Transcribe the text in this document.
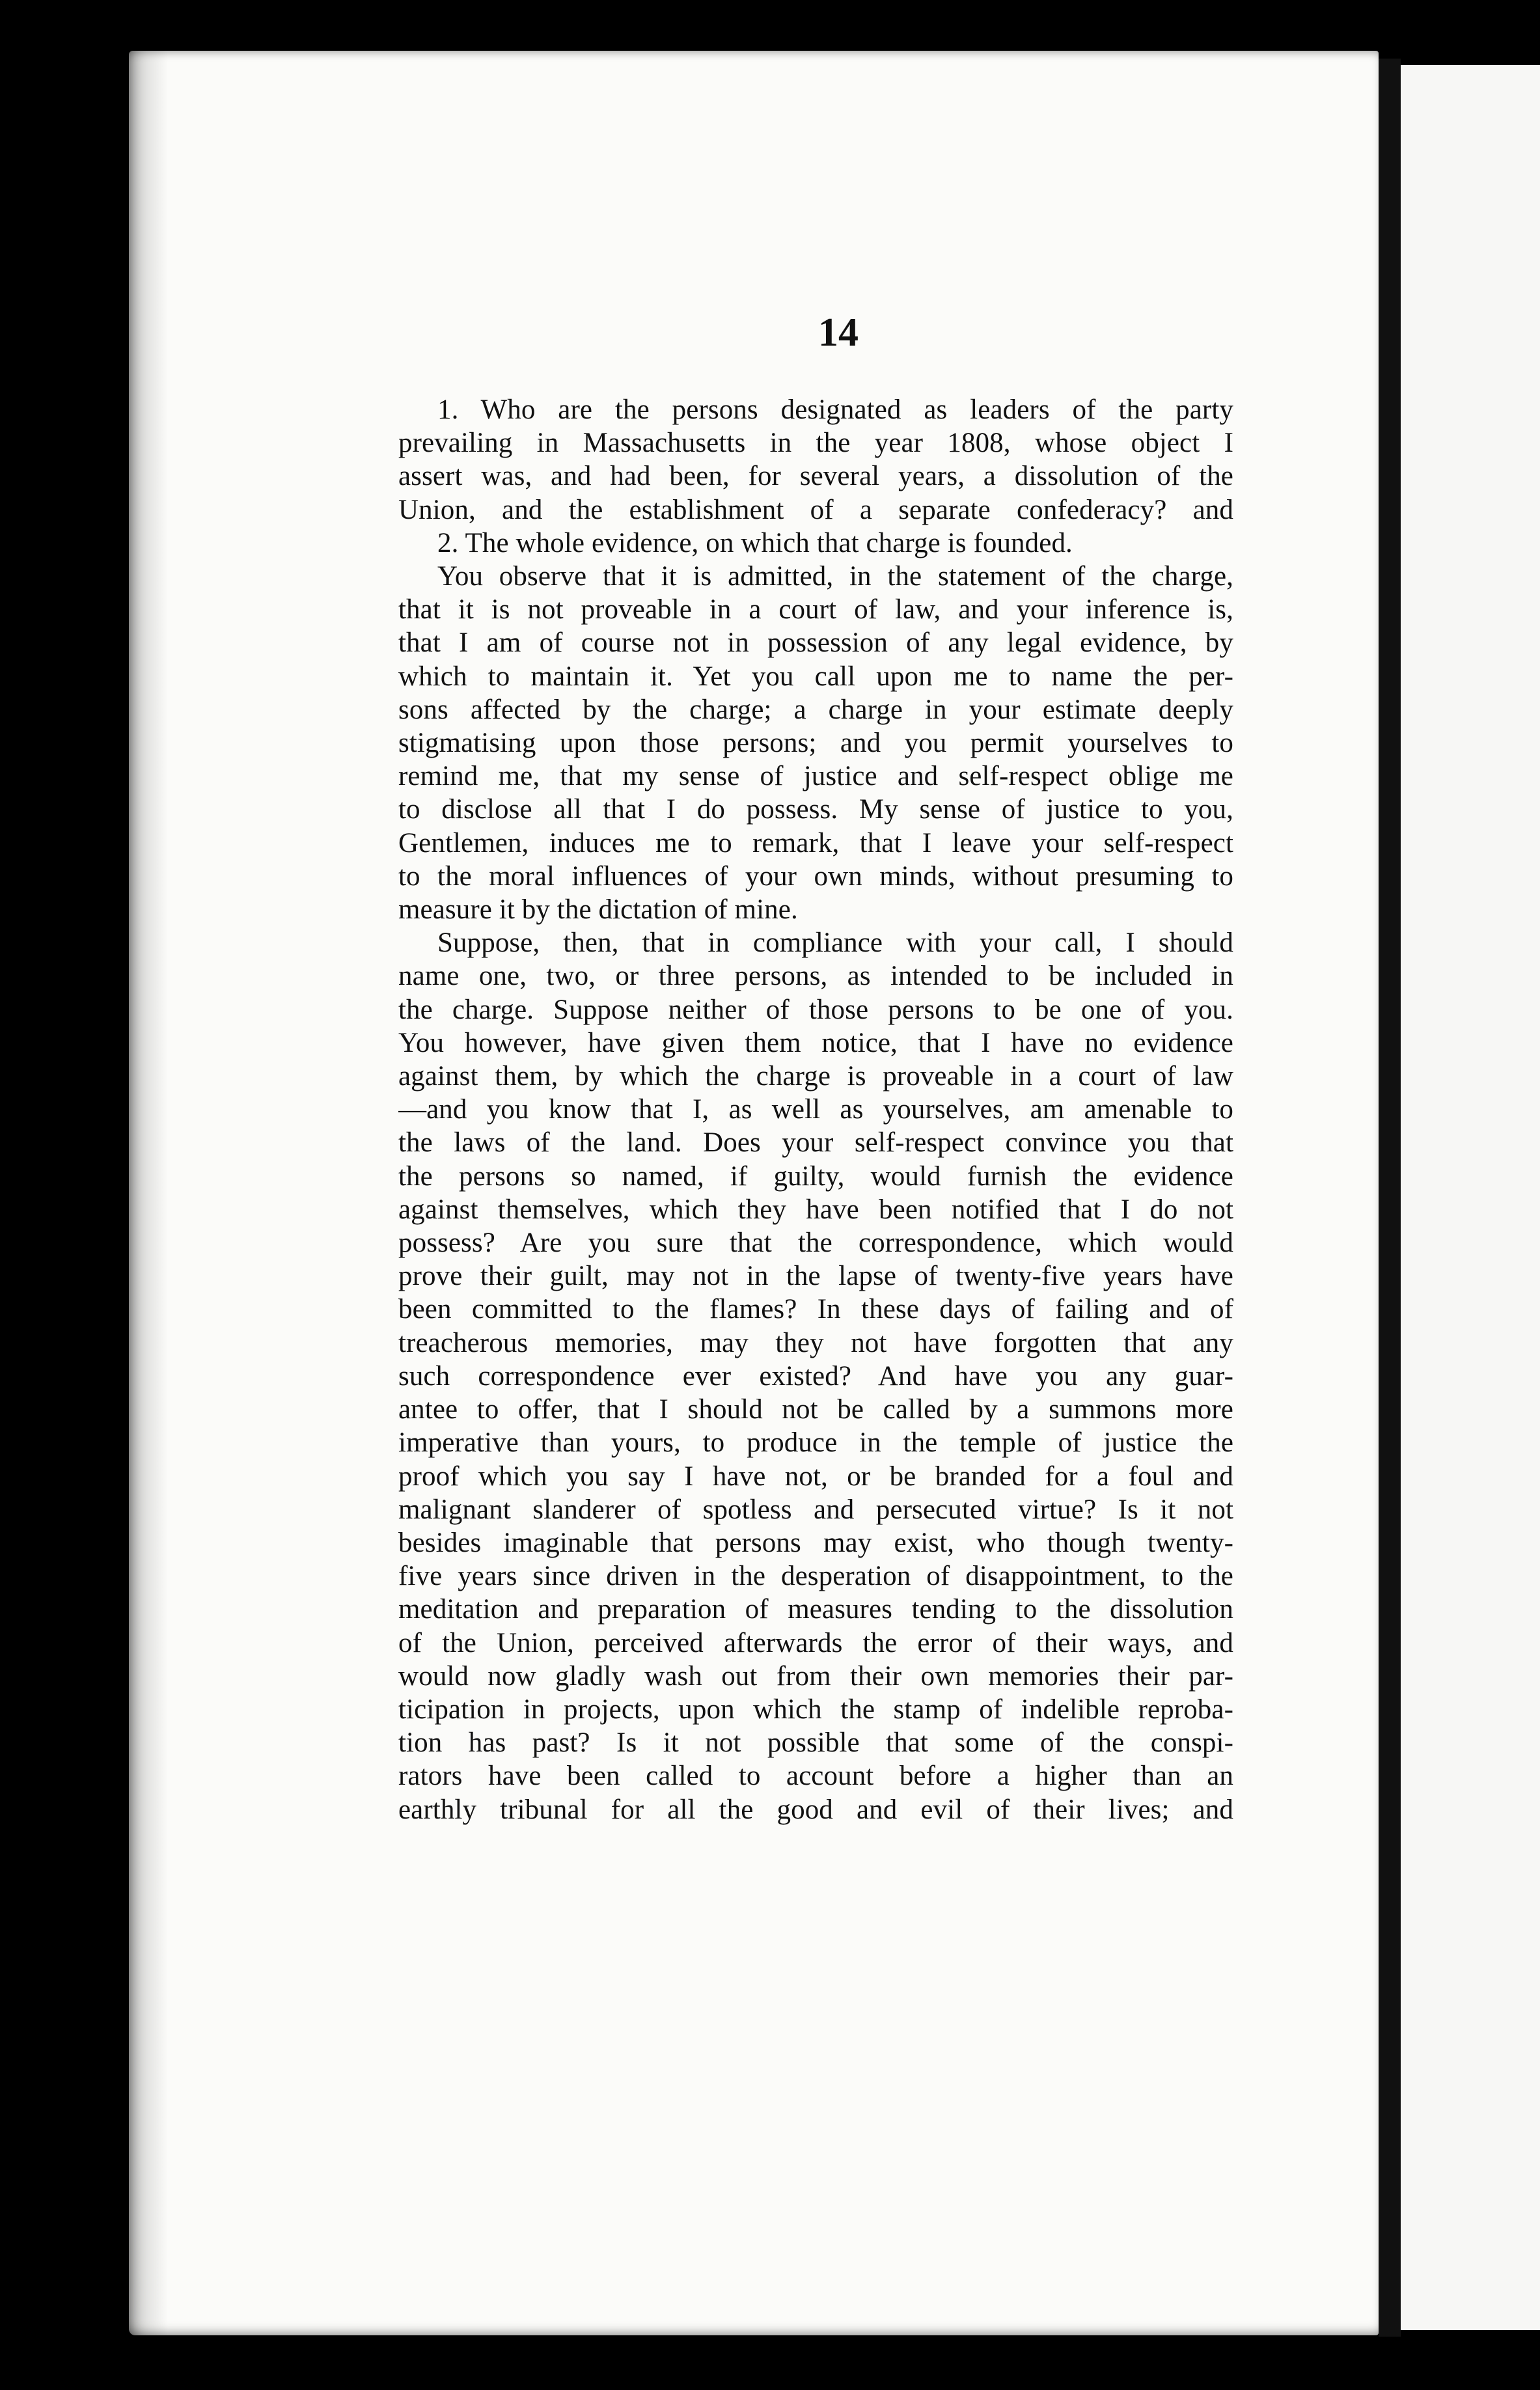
14
1. Who are the persons designated as leaders of the party
prevailing in Massachusetts in the year 1808, whose object I
assert was, and had been, for several years, a dissolution of the
Union, and the establishment of a separate confederacy? and
2. The whole evidence, on which that charge is founded.
You observe that it is admitted, in the statement of the charge,
that it is not proveable in a court of law, and your inference is,
that I am of course not in possession of any legal evidence, by
which to maintain it. Yet you call upon me to name the per-
sons affected by the charge; a charge in your estimate deeply
stigmatising upon those persons; and you permit yourselves to
remind me, that my sense of justice and self-respect oblige me
to disclose all that I do possess. My sense of justice to you,
Gentlemen, induces me to remark, that I leave your self-respect
to the moral influences of your own minds, without presuming to
measure it by the dictation of mine.
Suppose, then, that in compliance with your call, I should
name one, two, or three persons, as intended to be included in
the charge. Suppose neither of those persons to be one of you.
You however, have given them notice, that I have no evidence
against them, by which the charge is proveable in a court of law
—and you know that I, as well as yourselves, am amenable to
the laws of the land. Does your self-respect convince you that
the persons so named, if guilty, would furnish the evidence
against themselves, which they have been notified that I do not
possess? Are you sure that the correspondence, which would
prove their guilt, may not in the lapse of twenty-five years have
been committed to the flames? In these days of failing and of
treacherous memories, may they not have forgotten that any
such correspondence ever existed? And have you any guar-
antee to offer, that I should not be called by a summons more
imperative than yours, to produce in the temple of justice the
proof which you say I have not, or be branded for a foul and
malignant slanderer of spotless and persecuted virtue? Is it not
besides imaginable that persons may exist, who though twenty-
five years since driven in the desperation of disappointment, to the
meditation and preparation of measures tending to the dissolution
of the Union, perceived afterwards the error of their ways, and
would now gladly wash out from their own memories their par-
ticipation in projects, upon which the stamp of indelible reproba-
tion has past? Is it not possible that some of the conspi-
rators have been called to account before a higher than an
earthly tribunal for all the good and evil of their lives; and
